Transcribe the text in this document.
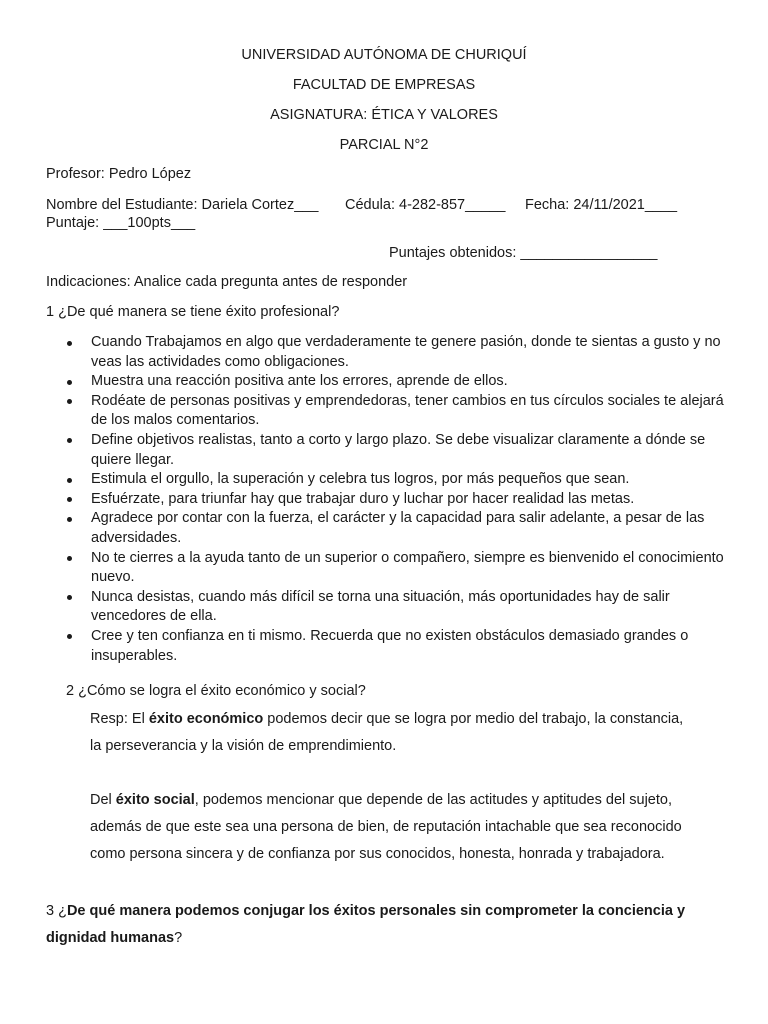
UNIVERSIDAD AUTÓNOMA DE CHURIQUÍ
FACULTAD DE EMPRESAS
ASIGNATURA: ÉTICA Y VALORES
PARCIAL N°2
Profesor: Pedro López
Nombre del Estudiante: Dariela Cortez___ Cédula: 4-282-857_____ Fecha: 24/11/2021____
Puntaje: ___100pts___
Puntajes obtenidos: _________________
Indicaciones: Analice cada pregunta antes de responder
1 ¿De qué manera se tiene éxito profesional?
Cuando Trabajamos en algo que verdaderamente te genere pasión, donde te sientas a gusto y no veas las actividades como obligaciones.
Muestra una reacción positiva ante los errores, aprende de ellos.
Rodéate de personas positivas y emprendedoras, tener cambios en tus círculos sociales te alejará de los malos comentarios.
Define objetivos realistas, tanto a corto y largo plazo. Se debe visualizar claramente a dónde se quiere llegar.
Estimula el orgullo, la superación y celebra tus logros, por más pequeños que sean.
Esfuérzate, para triunfar hay que trabajar duro y luchar por hacer realidad las metas.
Agradece por contar con la fuerza, el carácter y la capacidad para salir adelante, a pesar de las adversidades.
No te cierres a la ayuda tanto de un superior o compañero, siempre es bienvenido el conocimiento nuevo.
Nunca desistas, cuando más difícil se torna una situación, más oportunidades hay de salir vencedores de ella.
Cree y ten confianza en ti mismo. Recuerda que no existen obstáculos demasiado grandes o insuperables.
2 ¿Cómo se logra el éxito económico y social?
Resp: El éxito económico podemos decir que se logra por medio del trabajo, la constancia, la perseverancia y la visión de emprendimiento.
Del éxito social, podemos mencionar que depende de las actitudes y aptitudes del sujeto, además de que este sea una persona de bien, de reputación intachable que sea reconocido como persona sincera y de confianza por sus conocidos, honesta, honrada y trabajadora.
3 ¿De qué manera podemos conjugar los éxitos personales sin comprometer la conciencia y dignidad humanas?
